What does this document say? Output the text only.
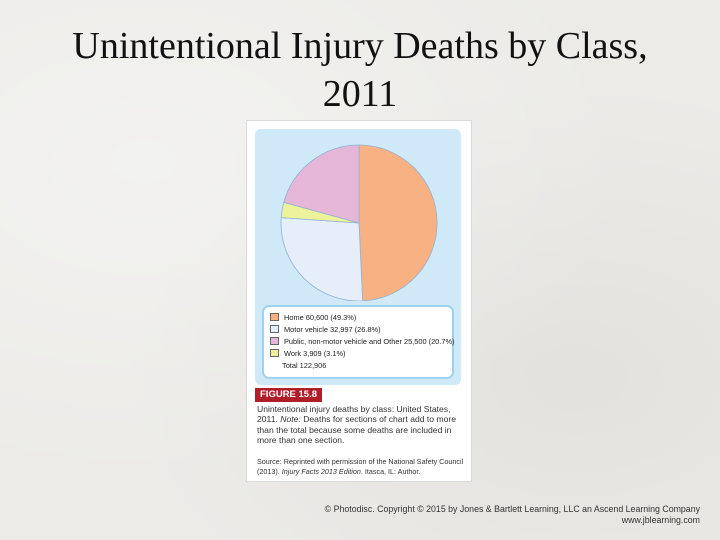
Unintentional Injury Deaths by Class,
2011
Home 60,600 (49.3%)
Motor vehicle 32,997 (26.8%)
Public, non-motor vehicle and Other 25,500 (20.7%)
Work 3,909 (3.1%)
Total 122,906
FIGURE 15.8
Unintentional injury deaths by class: United States, 2011. Note: Deaths for sections of chart add to more than the total because some deaths are included in more than one section.
Source: Reprinted with permission of the National Safety Council (2013). Injury Facts 2013 Edition. Itasca, IL: Author.
© Photodisc. Copyright © 2015 by Jones & Bartlett Learning, LLC an Ascend Learning Company
www.jblearning.com
